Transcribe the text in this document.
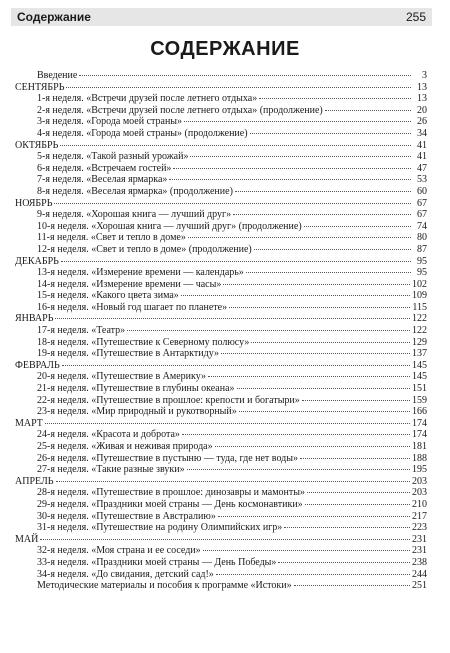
Содержание	255
СОДЕРЖАНИЕ
Введение	3
СЕНТЯБРЬ	13
1-я неделя. «Встречи друзей после летнего отдыха»	13
2-я неделя. «Встречи друзей после летнего отдыха» (продолжение)	20
3-я неделя. «Города моей страны»	26
4-я неделя. «Города моей страны» (продолжение)	34
ОКТЯБРЬ	41
5-я неделя. «Такой разный урожай»	41
6-я неделя. «Встречаем гостей»	47
7-я неделя. «Веселая ярмарка»	53
8-я неделя. «Веселая ярмарка» (продолжение)	60
НОЯБРЬ	67
9-я неделя. «Хорошая книга — лучший друг»	67
10-я неделя. «Хорошая книга — лучший друг» (продолжение)	74
11-я неделя. «Свет и тепло в доме»	80
12-я неделя. «Свет и тепло в доме» (продолжение)	87
ДЕКАБРЬ	95
13-я неделя. «Измерение времени — календарь»	95
14-я неделя. «Измерение времени — часы»	102
15-я неделя. «Какого цвета зима»	109
16-я неделя. «Новый год шагает по планете»	115
ЯНВАРЬ	122
17-я неделя. «Театр»	122
18-я неделя. «Путешествие к Северному полюсу»	129
19-я неделя. «Путешествие в Антарктиду»	137
ФЕВРАЛЬ	145
20-я неделя. «Путешествие в Америку»	145
21-я неделя. «Путешествие в глубины океана»	151
22-я неделя. «Путешествие в прошлое: крепости и богатыри»	159
23-я неделя. «Мир природный и рукотворный»	166
МАРТ	174
24-я неделя. «Красота и доброта»	174
25-я неделя. «Живая и неживая природа»	181
26-я неделя. «Путешествие в пустыню — туда, где нет воды»	188
27-я неделя. «Такие разные звуки»	195
АПРЕЛЬ	203
28-я неделя. «Путешествие в прошлое: динозавры и мамонты»	203
29-я неделя. «Праздники моей страны — День космонавтики»	210
30-я неделя. «Путешествие в Австралию»	217
31-я неделя. «Путешествие на родину Олимпийских игр»	223
МАЙ	231
32-я неделя. «Моя страна и ее соседи»	231
33-я неделя. «Праздники моей страны — День Победы»	238
34-я неделя. «До свидания, детский сад!»	244
Методические материалы и пособия к программе «Истоки»	251
